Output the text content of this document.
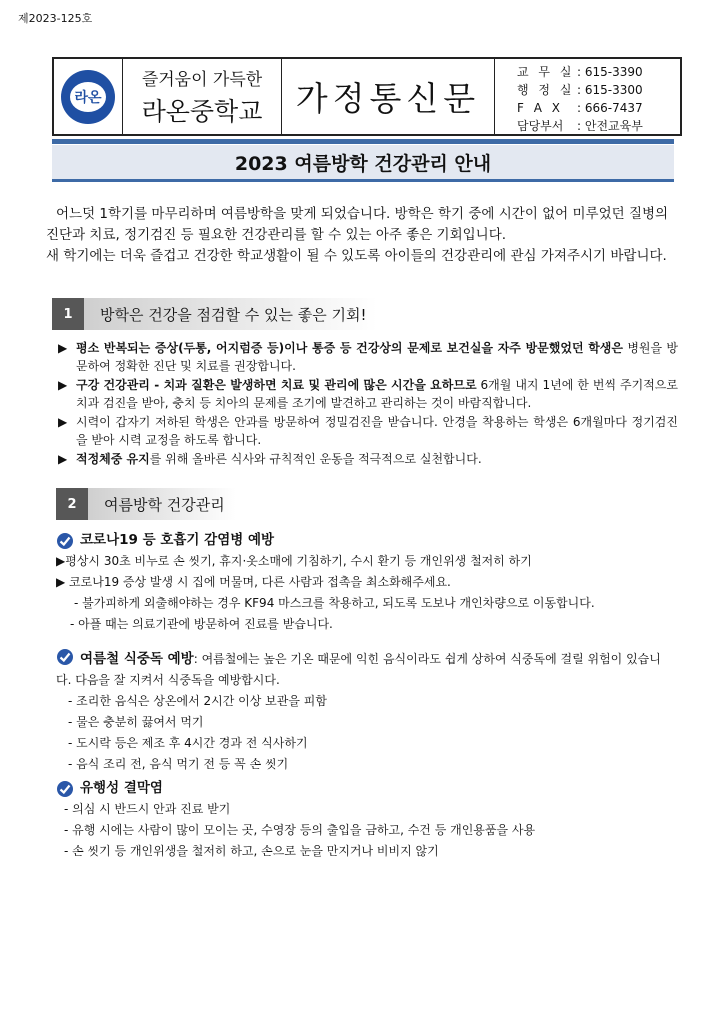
제2023-125호
라온
즐거움이 가득한
라온중학교	가정통신문
교 무 실 : 615-3390
행 정 실 : 615-3300
F A X	: 666-7437
담당부서	: 안전교육부
2023 여름방학 건강관리 안내

어느덧 1학기를 마무리하며 여름방학을 맞게 되었습니다. 방학은 학기 중에 시간이 없어 미루었던 질병의 진단과 치료, 정기검진 등 필요한 건강관리를 할 수 있는 아주 좋은 기회입니다.

새 학기에는 더욱 즐겁고 건강한 학교생활이 될 수 있도록 아이들의 건강관리에 관심 가져주시기 바랍니다.

1	방학은 건강을 점검할 수 있는 좋은 기회!
▶ 평소 반복되는 증상(두통, 어지럼증 등)이나 통증 등 건강상의 문제로 보건실을 자주 방문했었던 학생은 병원을 방문하여 정확한 진단 및 치료를 권장합니다.
▶ 구강 건강관리 - 치과 질환은 발생하면 치료 및 관리에 많은 시간을 요하므로 6개월 내지 1년에 한 번씩 주기적으로 치과 검진을 받아, 충치 등 치아의 문제를 조기에 발견하고 관리하는 것이 바람직합니다.
▶ 시력이 갑자기 저하된 학생은 안과를 방문하여 정밀검진을 받습니다. 안경을 착용하는 학생은 6개월마다 정기검진을 받아 시력 교정을 하도록 합니다.
▶ 적정체중 유지를 위해 올바른 식사와 규칙적인 운동을 적극적으로 실천합니다.
2	여름방학 건강관리
코로나19 등 호흡기 감염병 예방
▶평상시 30초 비누로 손 씻기, 휴지·옷소매에 기침하기, 수시 환기 등 개인위생 철저히 하기
▶ 코로나19 증상 발생 시 집에 머물며, 다른 사람과 접촉을 최소화해주세요.
- 불가피하게 외출해야하는 경우 KF94 마스크를 착용하고, 되도록 도보나 개인차량으로 이동합니다.
- 아플 때는 의료기관에 방문하여 진료를 받습니다.
여름철 식중독 예방: 여름철에는 높은 기온 때문에 익힌 음식이라도 쉽게 상하여 식중독에 걸릴 위험이 있습니다. 다음을 잘 지켜서 식중독을 예방합시다.
- 조리한 음식은 상온에서 2시간 이상 보관을 피함
- 물은 충분히 끓여서 먹기
- 도시락 등은 제조 후 4시간 경과 전 식사하기
- 음식 조리 전, 음식 먹기 전 등 꼭 손 씻기
유행성 결막염
- 의심 시 반드시 안과 진료 받기
- 유행 시에는 사람이 많이 모이는 곳, 수영장 등의 출입을 금하고, 수건 등 개인용품을 사용
- 손 씻기 등 개인위생을 철저히 하고, 손으로 눈을 만지거나 비비지 않기
